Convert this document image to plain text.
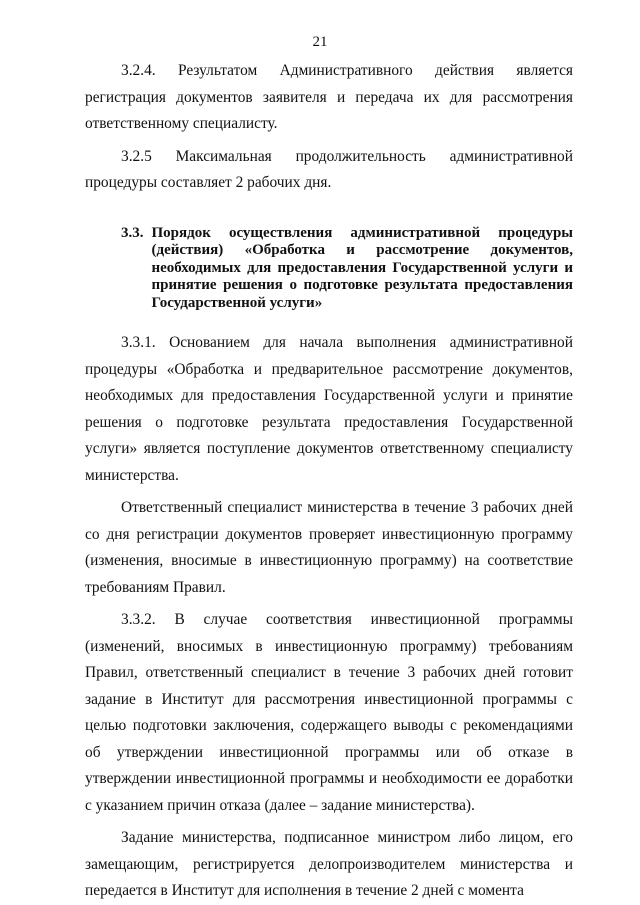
21

3.2.4. Результатом Административного действия является регистрация документов заявителя и передача их для рассмотрения ответственному специалисту.

3.2.5 Максимальная продолжительность административной процедуры составляет 2 рабочих дня.

3.3. Порядок осуществления административной процедуры (действия) «Обработка и рассмотрение документов, необходимых для предоставления Государственной услуги и принятие решения о подготовке результата предоставления Государственной услуги»

3.3.1. Основанием для начала выполнения административной процедуры «Обработка и предварительное рассмотрение документов, необходимых для предоставления Государственной услуги и принятие решения о подготовке результата предоставления Государственной услуги» является поступление документов ответственному специалисту министерства.

Ответственный специалист министерства в течение 3 рабочих дней со дня регистрации документов проверяет инвестиционную программу (изменения, вносимые в инвестиционную программу) на соответствие требованиям Правил.

3.3.2. В случае соответствия инвестиционной программы (изменений, вносимых в инвестиционную программу) требованиям Правил, ответственный специалист в течение 3 рабочих дней готовит задание в Институт для рассмотрения инвестиционной программы с целью подготовки заключения, содержащего выводы с рекомендациями об утверждении инвестиционной программы или об отказе в утверждении инвестиционной программы и необходимости ее доработки с указанием причин отказа (далее – задание министерства).

Задание министерства, подписанное министром либо лицом, его замещающим, регистрируется делопроизводителем министерства и передается в Институт для исполнения в течение 2 дней с момента
